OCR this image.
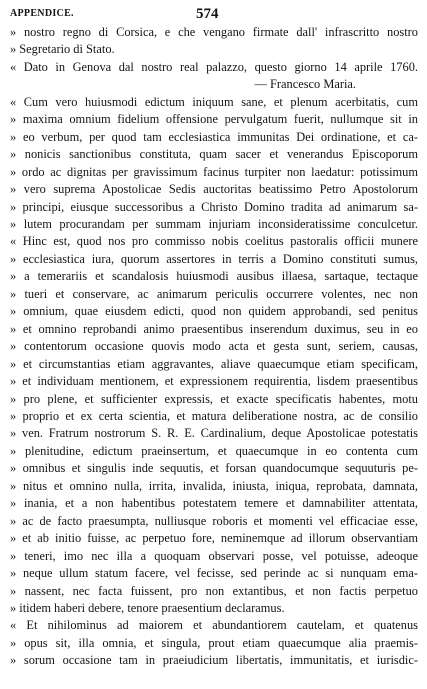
APPENDICE.	574
» nostro regno di Corsica, e che vengano firmate dall' infrascritto nostro
» Segretario di Stato.
« Dato in Genova dal nostro real palazzo, questo giorno 14 aprile 1760.
— Francesco Maria.
« Cum vero huiusmodi edictum iniquum sane, et plenum acerbitatis, cum
» maxima omnium fidelium offensione pervulgatum fuerit, nullumque sit in
» eo verbum, per quod tam ecclesiastica immunitas Dei ordinatione, et ca-
» nonicis sanctionibus constituta, quam sacer et venerandus Episcoporum
» ordo ac dignitas per gravissimum facinus turpiter non laedatur: potissimum
» vero suprema Apostolicae Sedis auctoritas beatissimo Petro Apostolorum
» principi, eiusque successoribus a Christo Domino tradita ad animarum sa-
» lutem procurandam per summam injuriam inconsideratissime conculcetur.
« Hinc est, quod nos pro commisso nobis coelitus pastoralis officii munere
» ecclesiastica iura, quorum assertores in terris a Domino constituti sumus,
» a temerariis et scandalosis huiusmodi ausibus illaesa, sartaque, tectaque
» tueri et conservare, ac animarum periculis occurrere volentes, nec non
» omnium, quae eiusdem edicti, quod non quidem approbandi, sed penitus
» et omnino reprobandi animo praesentibus inserendum duximus, seu in eo
» contentorum occasione quovis modo acta et gesta sunt, seriem, causas,
» et circumstantias etiam aggravantes, aliave quaecumque etiam specificam,
» et individuam mentionem, et expressionem requirentia, lisdem praesentibus
» pro plene, et sufficienter expressis, et exacte specificatis habentes, motu
» proprio et ex certa scientia, et matura deliberatione nostra, ac de consilio
» ven. Fratrum nostrorum S. R. E. Cardinalium, deque Apostolicae potestatis
» plenitudine, edictum praeinsertum, et quaecumque in eo contenta cum
» omnibus et singulis inde sequutis, et forsan quandocumque sequuturis pe-
» nitus et omnino nulla, irrita, invalida, iniusta, iniqua, reprobata, damnata,
» inania, et a non habentibus potestatem temere et damnabiliter attentata,
» ac de facto praesumpta, nulliusque roboris et momenti vel efficaciae esse,
» et ab initio fuisse, ac perpetuo fore, neminemque ad illorum observantiam
» teneri, imo nec illa a quoquam observari posse, vel potuisse, adeoque
» neque ullum statum facere, vel fecisse, sed perinde ac si nunquam ema-
» nassent, nec facta fuissent, pro non extantibus, et non factis perpetuo
» itidem haberi debere, tenore praesentium declaramus.
« Et nihilominus ad maiorem et abundantiorem cautelam, et quatenus
» opus sit, illa omnia, et singula, prout etiam quaecumque alia praemis-
» sorum occasione tam in praeiudicium libertatis, immunitatis, et iurisdic-
